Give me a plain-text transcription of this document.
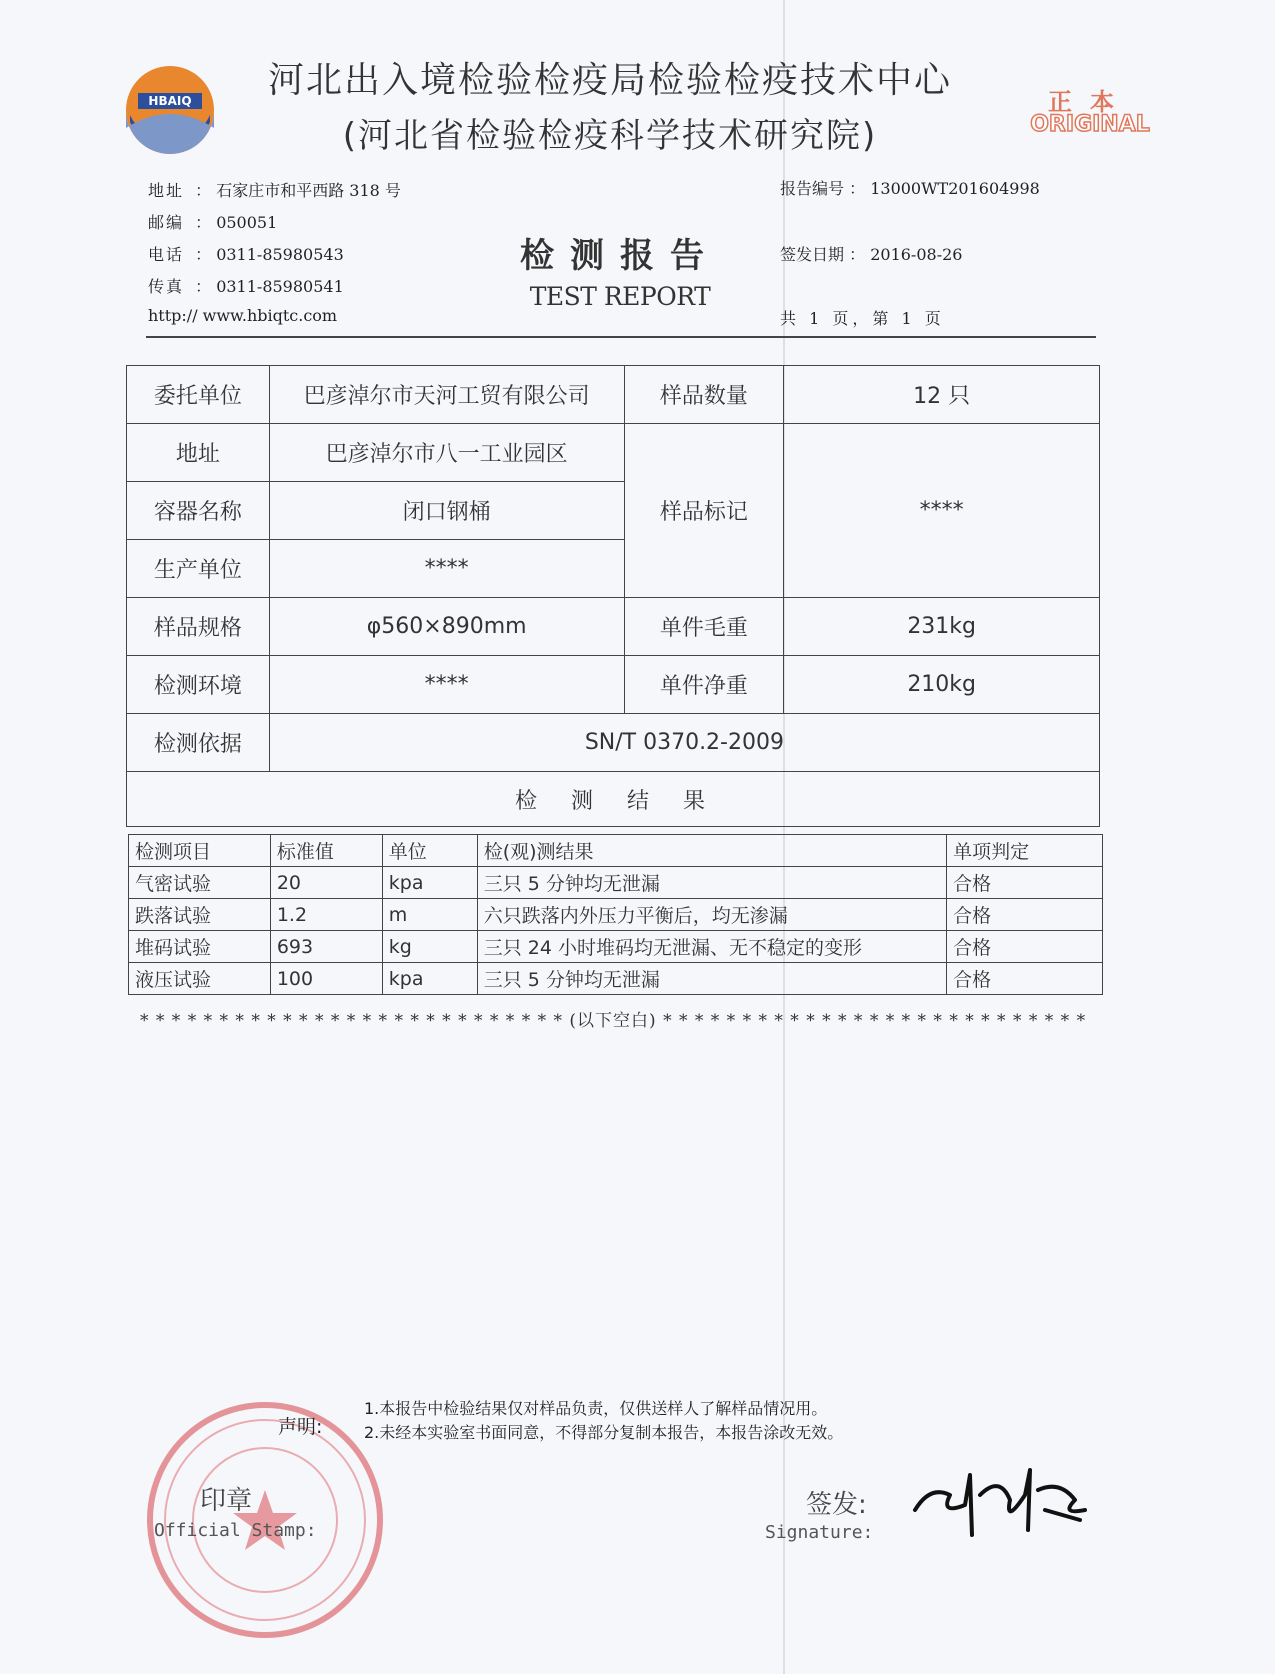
HBAIQ	河北出入境检验检疫局检验检疫技术中心
(河北省检验检疫科学技术研究院)
正本
ORIGINAL
地址 ： 石家庄市和平西路 318 号
邮编 ： 050051
电话 ： 0311-85980543
传真 ： 0311-85980541
http:// www.hbiqtc.com
检测报告
TEST REPORT
报告编号 ： 13000WT201604998
签发日期 ： 2016-08-26
共 1 页，第 1 页
委托单位	巴彦淖尔市天河工贸有限公司	样品数量	12 只
地址	巴彦淖尔市八一工业园区	样品标记	****
容器名称	闭口钢桶		
生产单位	****		
样品规格	φ560×890mm	单件毛重	231kg
检测环境	****	单件净重	210kg
检测依据	SN/T 0370.2-2009		
检　测　结　果			
检测项目	标准值	单位	检(观)测结果	单项判定
气密试验	20	kpa	三只 5 分钟均无泄漏	合格
跌落试验	1.2	m	六只跌落内外压力平衡后，均无渗漏	合格
堆码试验	693	kg	三只 24 小时堆码均无泄漏、无不稳定的变形	合格
液压试验	100	kpa	三只 5 分钟均无泄漏	合格
* * * * * * * * * * * * * * * * * * * * * * * * * * * (以下空白) * * * * * * * * * * * * * * * * * * * * * * * * * * *
声明:
1.本报告中检验结果仅对样品负责，仅供送样人了解样品情况用。
2.未经本实验室书面同意，不得部分复制本报告，本报告涂改无效。
印章
Official Stamp:
签发:
Signature:
